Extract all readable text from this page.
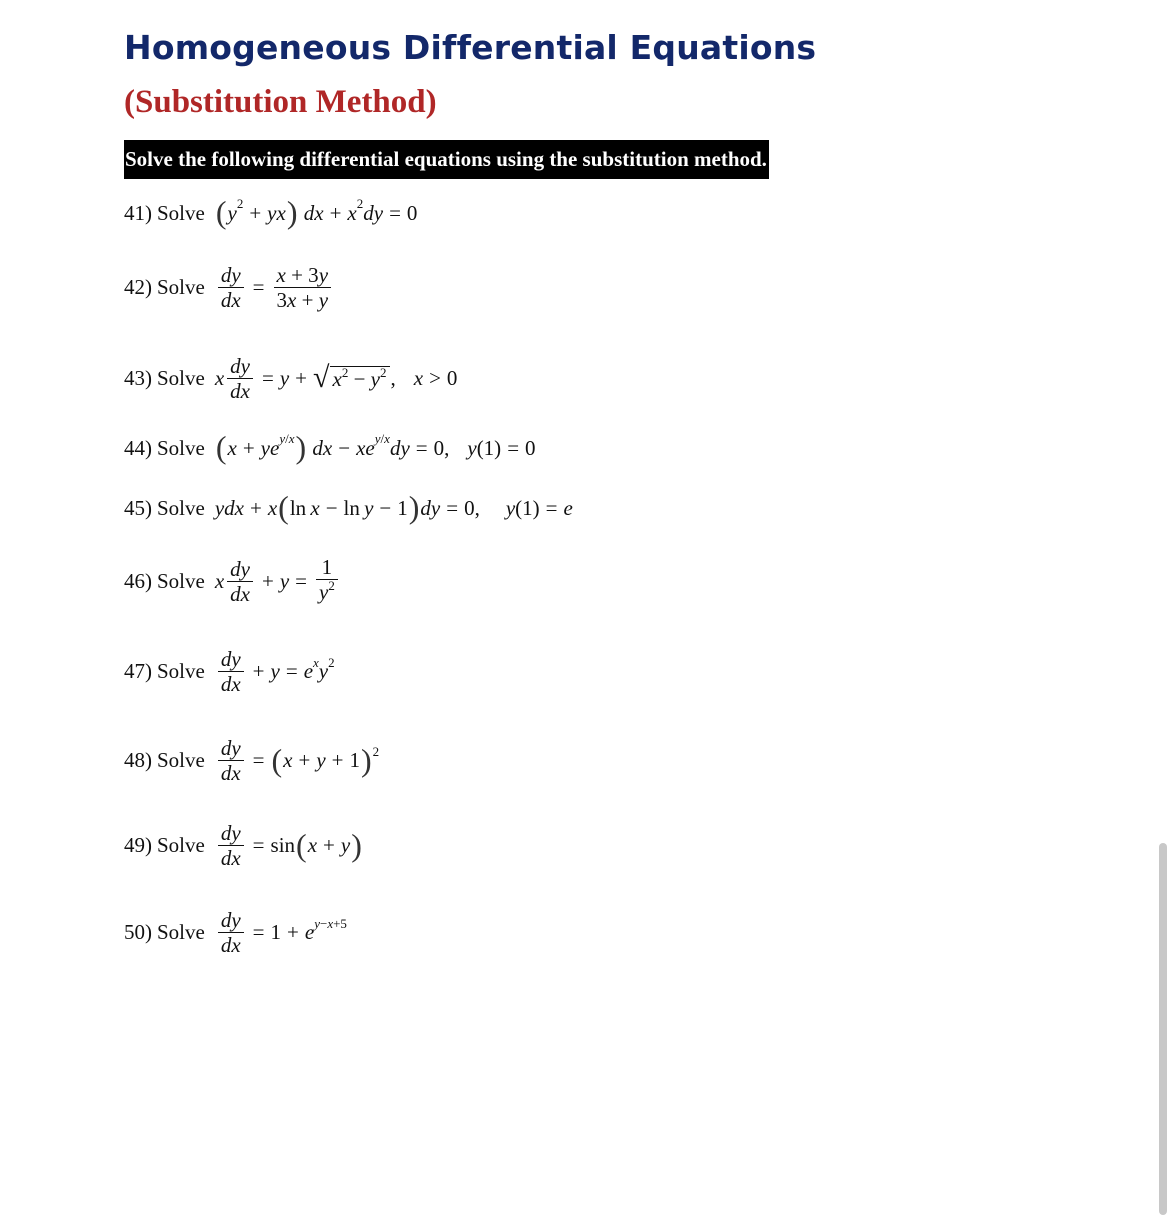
Homogeneous Differential Equations
(Substitution Method)
Solve the following differential equations using the substitution method.
41) Solve ( $y^2$ + yx ) dx + $x^2$ dy = 0
42) Solve $\frac{dy}{dx} = \frac{x + 3y}{3x + y}$
43) Solve x $\frac{dy}{dx} = y$ + √ $x^2 - y^2$ , x > 0
44) Solve ( x + ye $^{y/x}$ ) dx − xe $^{y/x}$ dy = 0, y (1) = 0
45) Solve ydx + x ( ln  x − ln  y − 1 ) dy = 0, y (1) = e
46) Solve x $\frac{dy}{dx} + y = \frac{1}{y^2}$
47) Solve $\frac{dy}{dx} + y = e$ $^x$ $y^2$
48) Solve $\frac{dy}{dx}$ = ( x + y + 1 )$^2$
49) Solve $\frac{dy}{dx} = \sin$ ( x + y )
50) Solve $\frac{dy}{dx} = 1 + e$ $^{y-x+5}$
